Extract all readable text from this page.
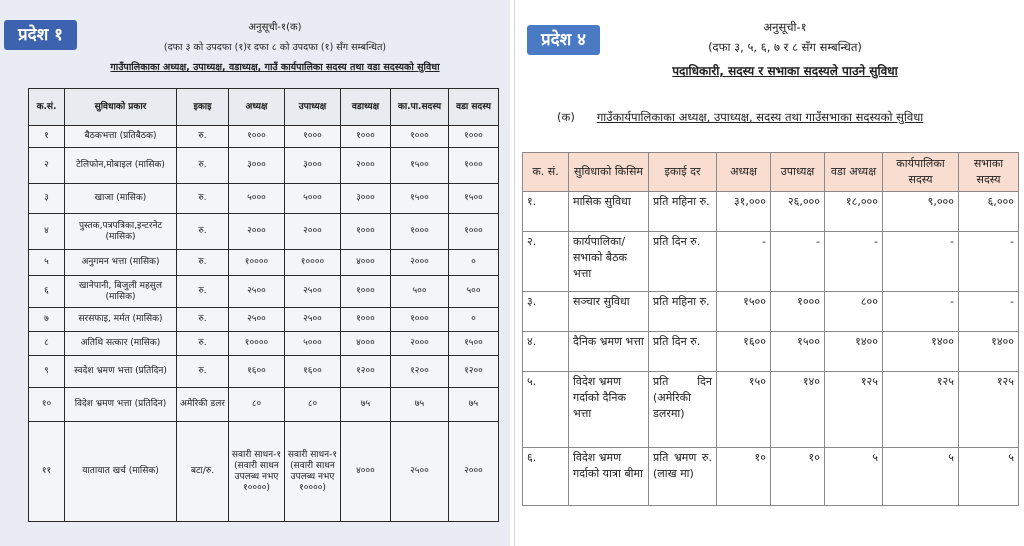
प्रदेश १	अनुसूची-१(क)
(दफा ३ को उपदफा (१)र दफा ८ को उपदफा (१) सँग सम्बन्धित)
गाउँपालिकाका अध्यक्ष, उपाध्यक्ष, वडाध्यक्ष, गाउँ कार्यपालिका सदस्य तथा वडा सदस्यको सुविधा
क.सं.	सुविधाको प्रकार	इकाइ	अध्यक्ष	उपाध्यक्ष	वडाध्यक्ष	का.पा.सदस्य	वडा सदस्य
१	बैठकभत्ता (प्रतिबैठक)	रु.	१०००	१०००	१०००	१०००	१०००
२	टेलिफोन,मोबाइल (मासिक)	रु.	३०००	३०००	२०००	१५००	१०००
३	खाजा (मासिक)	रु.	५०००	५०००	३०००	१५००	१५००
४	पुस्तक,पत्रपत्रिका,इन्टरनेट (मासिक)	रु.	२०००	२०००	१०००	१०००	१०००
५	अनुगमन भत्ता (मासिक)	रु.	१००००	१००००	४०००	२०००	०
६	खानेपानी, बिजुली महसुल (मासिक)	रु.	२५००	२५००	१०००	५००	५००
७	सरसफाइ, मर्मत (मासिक)	रु.	२५००	२५००	१०००	१०००	०
८	अतिथि सत्कार (मासिक)	रु.	१००००	५०००	४०००	२०००	१५००
९	स्वदेश भ्रमण भत्ता (प्रतिदिन)	रु.	१६००	१६००	१२००	१२००	१२००
१०	विदेश भ्रमण भत्ता (प्रतिदिन)	अमेरिकी डलर	८०	८०	७५	७५	७५
११	यातायात खर्च (मासिक)	बटा/रु.	सवारी साधन-१ (सवारी साधन उपलब्ध नभए १००००)	सवारी साधन-१ (सवारी साधन उपलब्ध नभए १००००)	४०००	२५००	२०००
प्रदेश ४
अनुसूची-१
(दफा ३, ५, ६, ७ र ८ सँग सम्बन्धित)
पदाधिकारी, सदस्य र सभाका सदस्यले पाउने सुविधा
(क) गाउँकार्यपालिकाका अध्यक्ष, उपाध्यक्ष, सदस्य तथा गाउँसभाका सदस्यको सुविधा
क. सं.	सुविधाको किसिम	इकाई दर	अध्यक्ष	उपाध्यक्ष	वडा अध्यक्ष	कार्यपालिका सदस्य	सभाका सदस्य
१.	मासिक सुविधा	प्रति महिना रु.	३१,०००	२६,०००	१८,०००	९,०००	६,०००
२.	कार्यपालिका/ सभाको बैठक भत्ता	प्रति दिन रु.	-	-	-	-	-
३.	सञ्चार सुविधा	प्रति महिना रु.	१५००	१०००	८००	-	-
४.	दैनिक भ्रमण भत्ता	प्रति दिन रु.	१६००	१५००	१४००	१४००	१४००
५.	विदेश भ्रमण गर्दाको दैनिक भत्ता	प्रति दिन (अमेरिकी डलरमा)	१५०	१४०	१२५	१२५	१२५
६.	विदेश भ्रमण गर्दाको यात्रा बीमा	प्रति भ्रमण रु.(लाख मा)	१०	१०	५	५	५
